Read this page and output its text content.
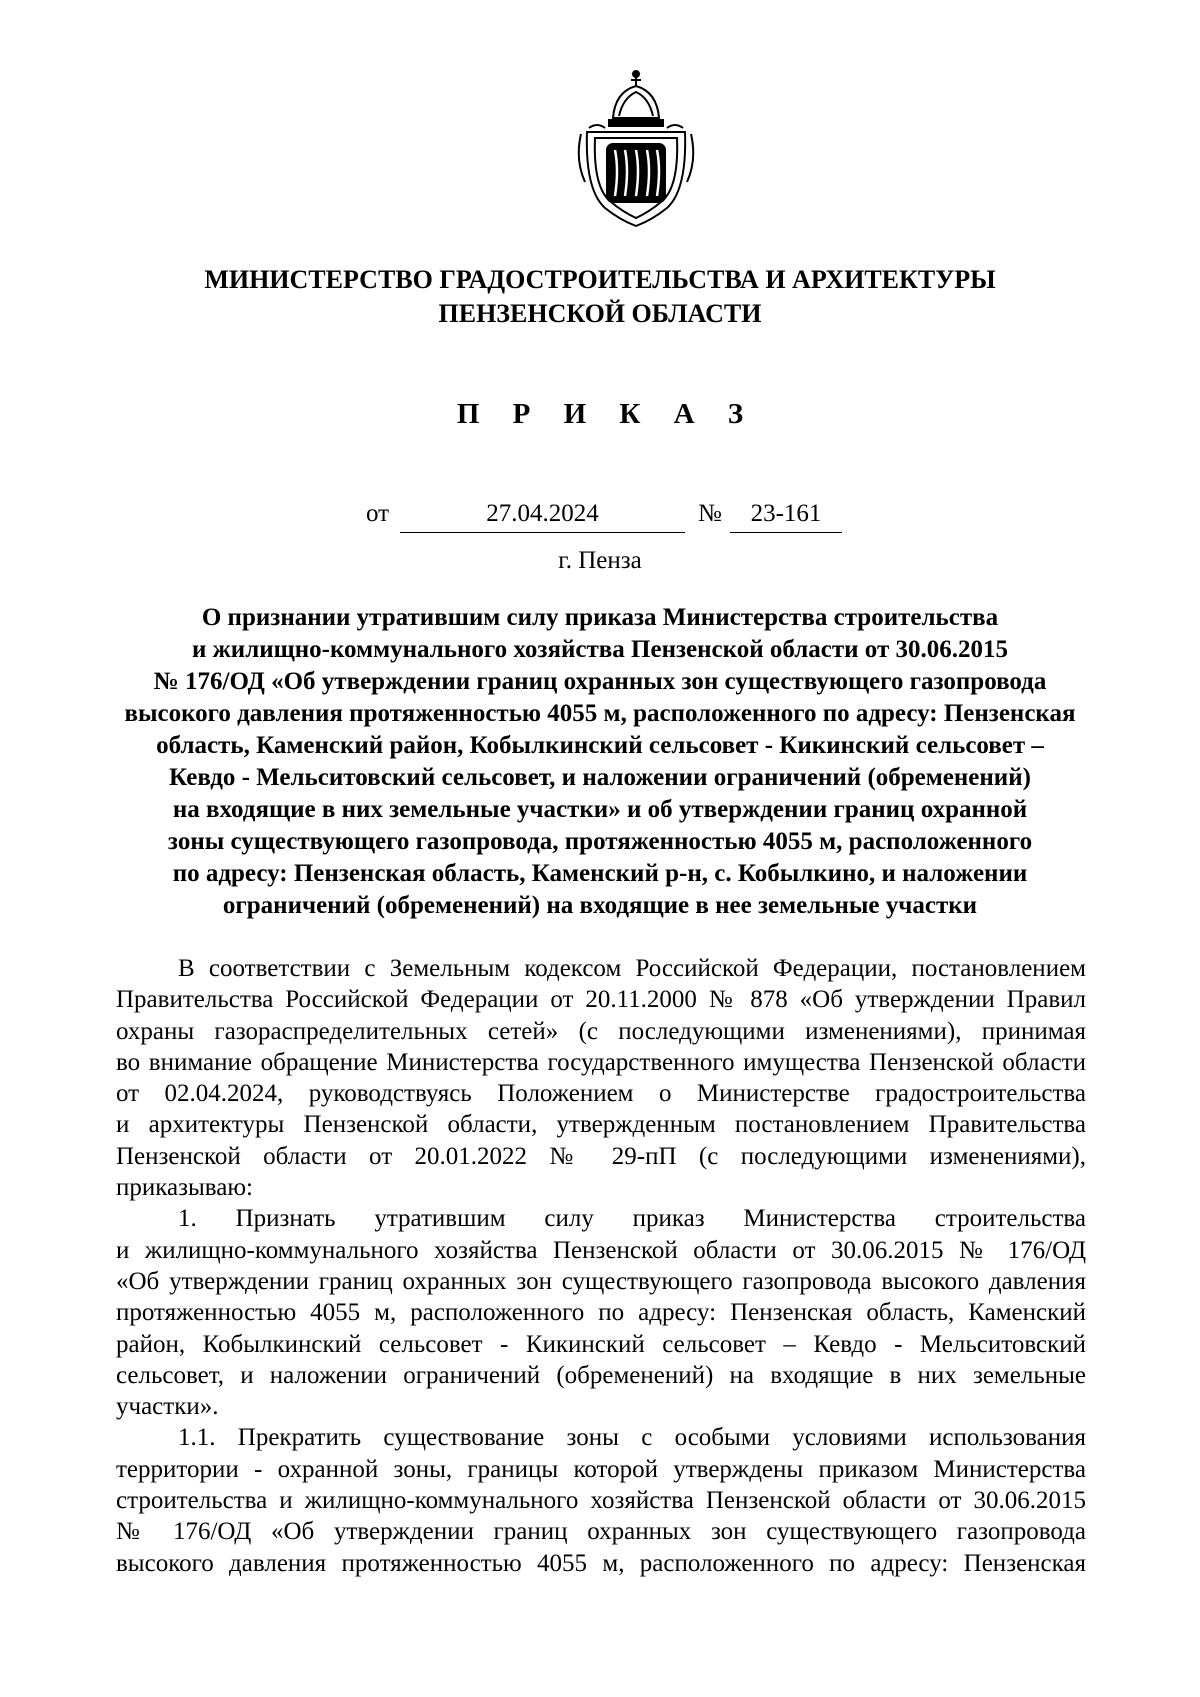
МИНИСТЕРСТВО ГРАДОСТРОИТЕЛЬСТВА И АРХИТЕКТУРЫ
ПЕНЗЕНСКОЙ ОБЛАСТИ
П Р И К А З
от	27.04.2024	№	23-161
г. Пенза
О признании утратившим силу приказа Министерства строительства
и жилищно-коммунального хозяйства Пензенской области от 30.06.2015
№ 176/ОД «Об утверждении границ охранных зон существующего газопровода
высокого давления протяженностью 4055 м, расположенного по адресу: Пензенская
область, Каменский район, Кобылкинский сельсовет - Кикинский сельсовет –
Кевдо - Мельситовский сельсовет, и наложении ограничений (обременений)
на входящие в них земельные участки» и об утверждении границ охранной
зоны существующего газопровода, протяженностью 4055 м, расположенного
по адресу: Пензенская область, Каменский р-н, с. Кобылкино, и наложении
ограничений (обременений) на входящие в нее земельные участки
В соответствии с Земельным кодексом Российской Федерации, постановлением
Правительства Российской Федерации от 20.11.2000 № 878 «Об утверждении Правил
охраны газораспределительных сетей» (с последующими изменениями), принимая
во внимание обращение Министерства государственного имущества Пензенской области
от 02.04.2024, руководствуясь Положением о Министерстве градостроительства
и архитектуры Пензенской области, утвержденным постановлением Правительства
Пензенской области от 20.01.2022 № 29-пП (с последующими изменениями),
приказываю:
1. Признать утратившим силу приказ Министерства строительства
и жилищно-коммунального хозяйства Пензенской области от 30.06.2015 № 176/ОД
«Об утверждении границ охранных зон существующего газопровода высокого давления
протяженностью 4055 м, расположенного по адресу: Пензенская область, Каменский
район, Кобылкинский сельсовет - Кикинский сельсовет – Кевдо - Мельситовский
сельсовет, и наложении ограничений (обременений) на входящие в них земельные
участки».
1.1. Прекратить существование зоны с особыми условиями использования
территории - охранной зоны, границы которой утверждены приказом Министерства
строительства и жилищно-коммунального хозяйства Пензенской области от 30.06.2015
№ 176/ОД «Об утверждении границ охранных зон существующего газопровода
высокого давления протяженностью 4055 м, расположенного по адресу: Пензенская
